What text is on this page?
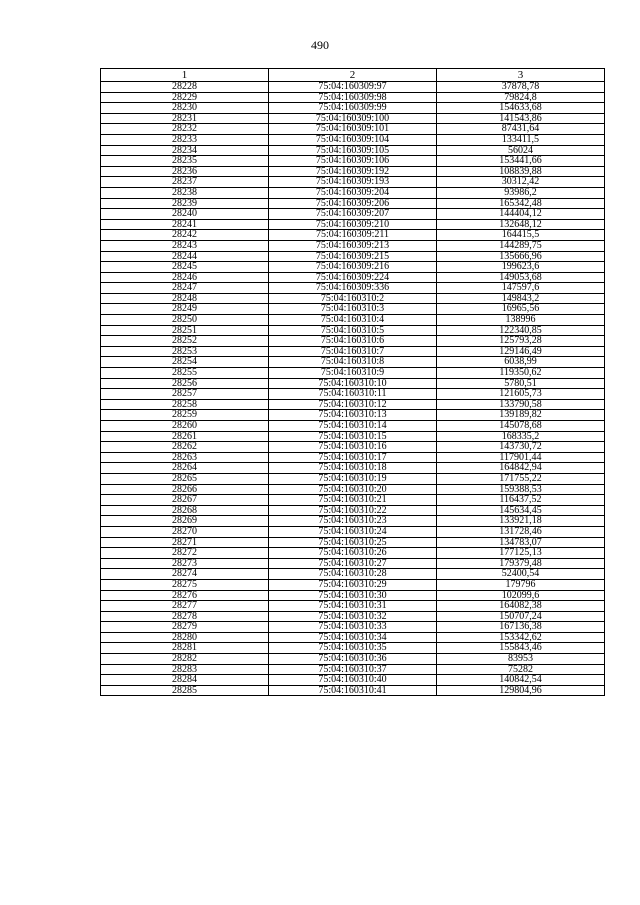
490
1	2	3
28228	75:04:160309:97	37878,78
28229	75:04:160309:98	79824,8
28230	75:04:160309:99	154633,68
28231	75:04:160309:100	141543,86
28232	75:04:160309:101	87431,64
28233	75:04:160309:104	133411,5
28234	75:04:160309:105	56024
28235	75:04:160309:106	153441,66
28236	75:04:160309:192	108839,88
28237	75:04:160309:193	30312,42
28238	75:04:160309:204	93986,2
28239	75:04:160309:206	165342,48
28240	75:04:160309:207	144404,12
28241	75:04:160309:210	132648,12
28242	75:04:160309:211	164415,5
28243	75:04:160309:213	144289,75
28244	75:04:160309:215	135666,96
28245	75:04:160309:216	199623,6
28246	75:04:160309:224	149053,68
28247	75:04:160309:336	147597,6
28248	75:04:160310:2	149843,2
28249	75:04:160310:3	16965,56
28250	75:04:160310:4	138996
28251	75:04:160310:5	122340,85
28252	75:04:160310:6	125793,28
28253	75:04:160310:7	129146,49
28254	75:04:160310:8	6038,99
28255	75:04:160310:9	119350,62
28256	75:04:160310:10	5780,51
28257	75:04:160310:11	121605,73
28258	75:04:160310:12	133790,58
28259	75:04:160310:13	139189,82
28260	75:04:160310:14	145078,68
28261	75:04:160310:15	168335,2
28262	75:04:160310:16	143730,72
28263	75:04:160310:17	117901,44
28264	75:04:160310:18	164842,94
28265	75:04:160310:19	171755,22
28266	75:04:160310:20	159388,53
28267	75:04:160310:21	116437,52
28268	75:04:160310:22	145634,45
28269	75:04:160310:23	133921,18
28270	75:04:160310:24	131728,46
28271	75:04:160310:25	134783,07
28272	75:04:160310:26	177125,13
28273	75:04:160310:27	179379,48
28274	75:04:160310:28	52400,54
28275	75:04:160310:29	179796
28276	75:04:160310:30	102099,6
28277	75:04:160310:31	164082,38
28278	75:04:160310:32	150707,24
28279	75:04:160310:33	167136,38
28280	75:04:160310:34	153342,62
28281	75:04:160310:35	155843,46
28282	75:04:160310:36	83953
28283	75:04:160310:37	75282
28284	75:04:160310:40	140842,54
28285	75:04:160310:41	129804,96
